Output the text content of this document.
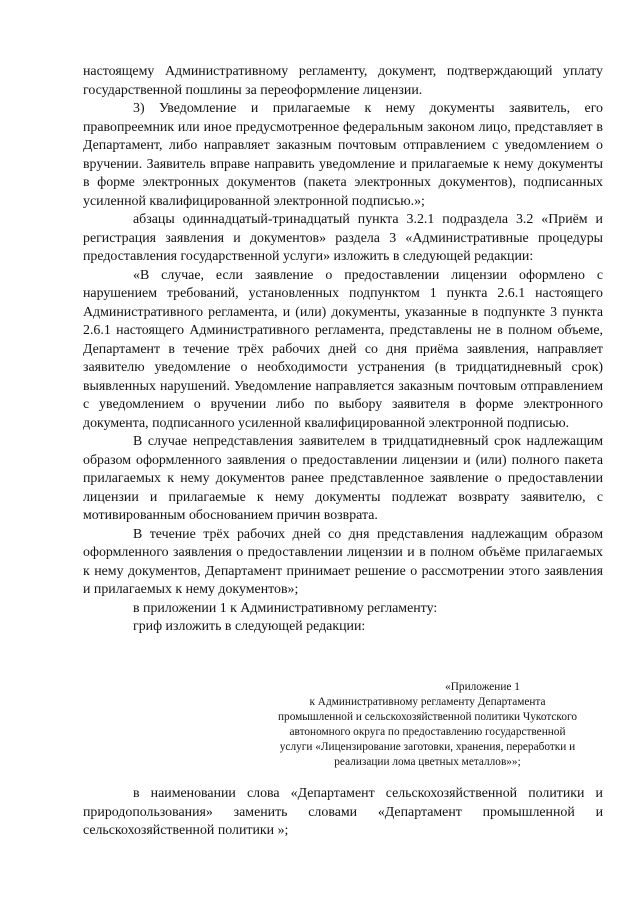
настоящему Административному регламенту, документ, подтверждающий уплату государственной пошлины за переоформление лицензии.

3) Уведомление и прилагаемые к нему документы заявитель, его правопреемник или иное предусмотренное федеральным законом лицо, представляет в Департамент, либо направляет заказным почтовым отправлением с уведомлением о вручении. Заявитель вправе направить уведомление и прилагаемые к нему документы в форме электронных документов (пакета электронных документов), подписанных усиленной квалифицированной электронной подписью.»;

абзацы одиннадцатый-тринадцатый пункта 3.2.1 подраздела 3.2 «Приём и регистрация заявления и документов» раздела 3 «Административные процедуры предоставления государственной услуги» изложить в следующей редакции:

«В случае, если заявление о предоставлении лицензии оформлено с нарушением требований, установленных подпунктом 1 пункта 2.6.1 настоящего Административного регламента, и (или) документы, указанные в подпункте 3 пункта 2.6.1 настоящего Административного регламента, представлены не в полном объеме, Департамент в течение трёх рабочих дней со дня приёма заявления, направляет заявителю уведомление о необходимости устранения (в тридцатидневный срок) выявленных нарушений. Уведомление направляется заказным почтовым отправлением с уведомлением о вручении либо по выбору заявителя в форме электронного документа, подписанного усиленной квалифицированной электронной подписью.

В случае непредставления заявителем в тридцатидневный срок надлежащим образом оформленного заявления о предоставлении лицензии и (или) полного пакета прилагаемых к нему документов ранее представленное заявление о предоставлении лицензии и прилагаемые к нему документы подлежат возврату заявителю, с мотивированным обоснованием причин возврата.

В течение трёх рабочих дней со дня представления надлежащим образом оформленного заявления о предоставлении лицензии и в полном объёме прилагаемых к нему документов, Департамент принимает решение о рассмотрении этого заявления и прилагаемых к нему документов»;

в приложении 1 к Административному регламенту:

гриф изложить в следующей редакции:

«Приложение 1
к Административному регламенту Департамента
промышленной и сельскохозяйственной политики Чукотского
автономного округа по предоставлению государственной
услуги «Лицензирование заготовки, хранения, переработки и
реализации лома цветных металлов»»;

в наименовании слова «Департамент сельскохозяйственной политики и природопользования» заменить словами «Департамент промышленной и сельскохозяйственной политики »;
